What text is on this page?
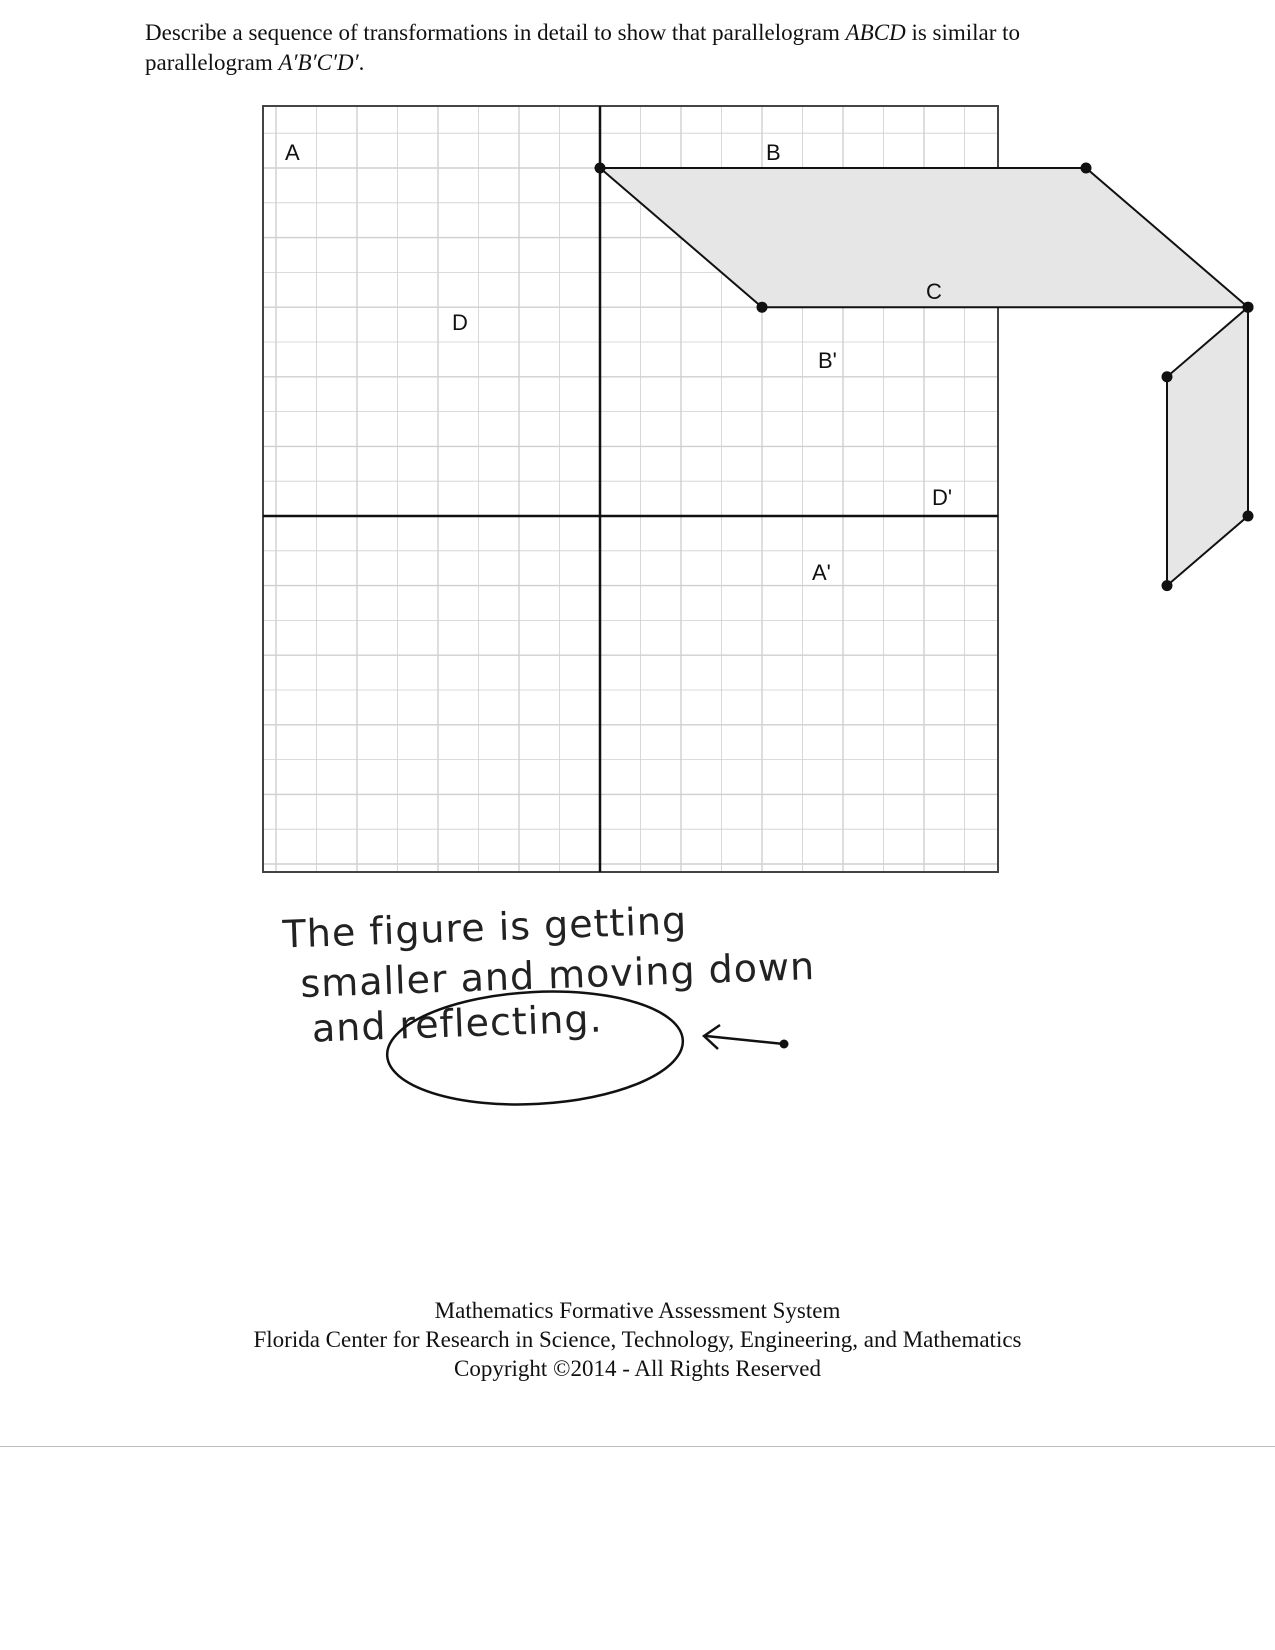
Describe a sequence of transformations in detail to show that parallelogram ABCD is similar to
parallelogram A′B′C′D′.
A	B
C
D
A'
B'
D'
The figure is getting
smaller and moving down
and reflecting.
Mathematics Formative Assessment System
Florida Center for Research in Science, Technology, Engineering, and Mathematics
Copyright ©2014 - All Rights Reserved
